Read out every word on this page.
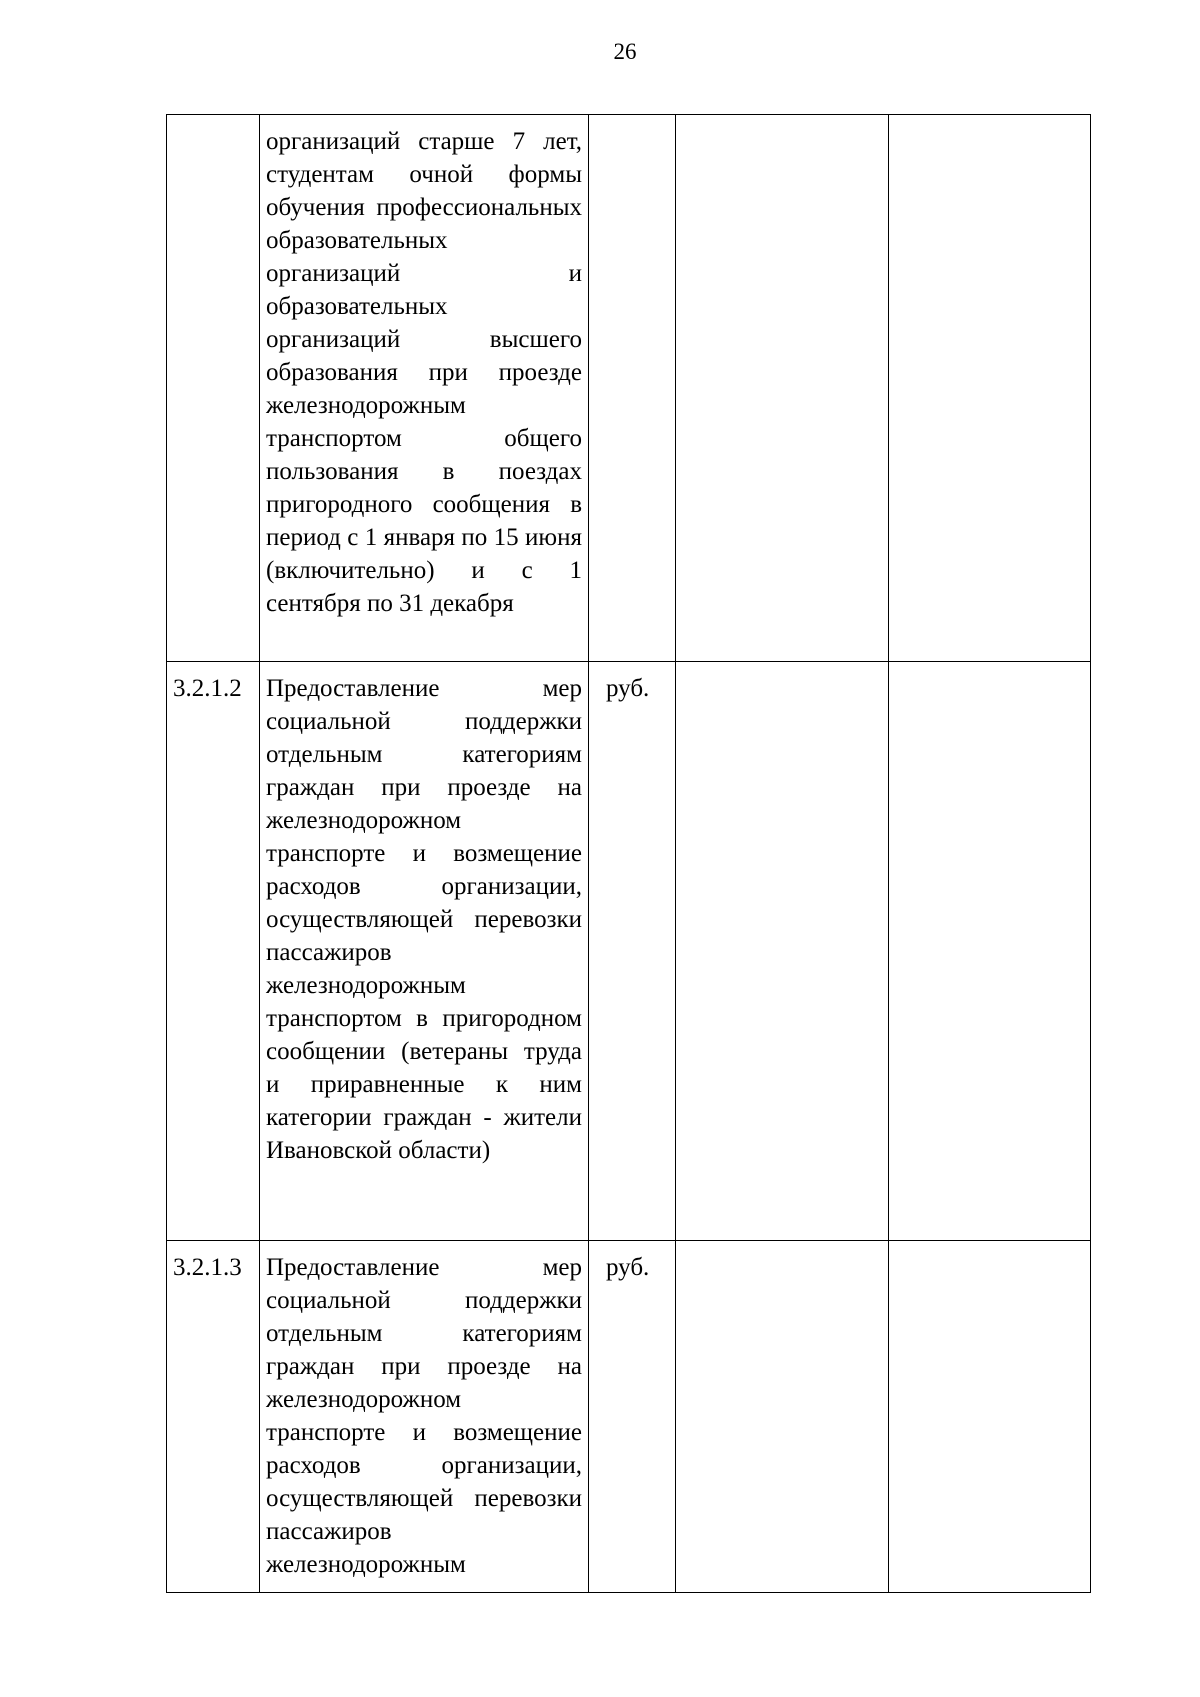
26
	организаций старше 7 лет, студентам очной формы обучения профессиональных образовательных организаций и образовательных организаций высшего образования при проезде железнодорожным транспортом общего пользования в поездах пригородного сообщения в период с 1 января по 15 июня (включительно) и с 1 сентября по 31 декабря			
3.2.1.2	Предоставление мер социальной поддержки отдельным категориям граждан при проезде на железнодорожном транспорте и возмещение расходов организации, осуществляющей перевозки пассажиров железнодорожным транспортом в пригородном сообщении (ветераны труда и приравненные к ним категории граждан - жители Ивановской области)	руб.		
3.2.1.3	Предоставление мер социальной поддержки отдельным категориям граждан при проезде на железнодорожном транспорте и возмещение расходов организации, осуществляющей перевозки пассажиров железнодорожным	руб.		
